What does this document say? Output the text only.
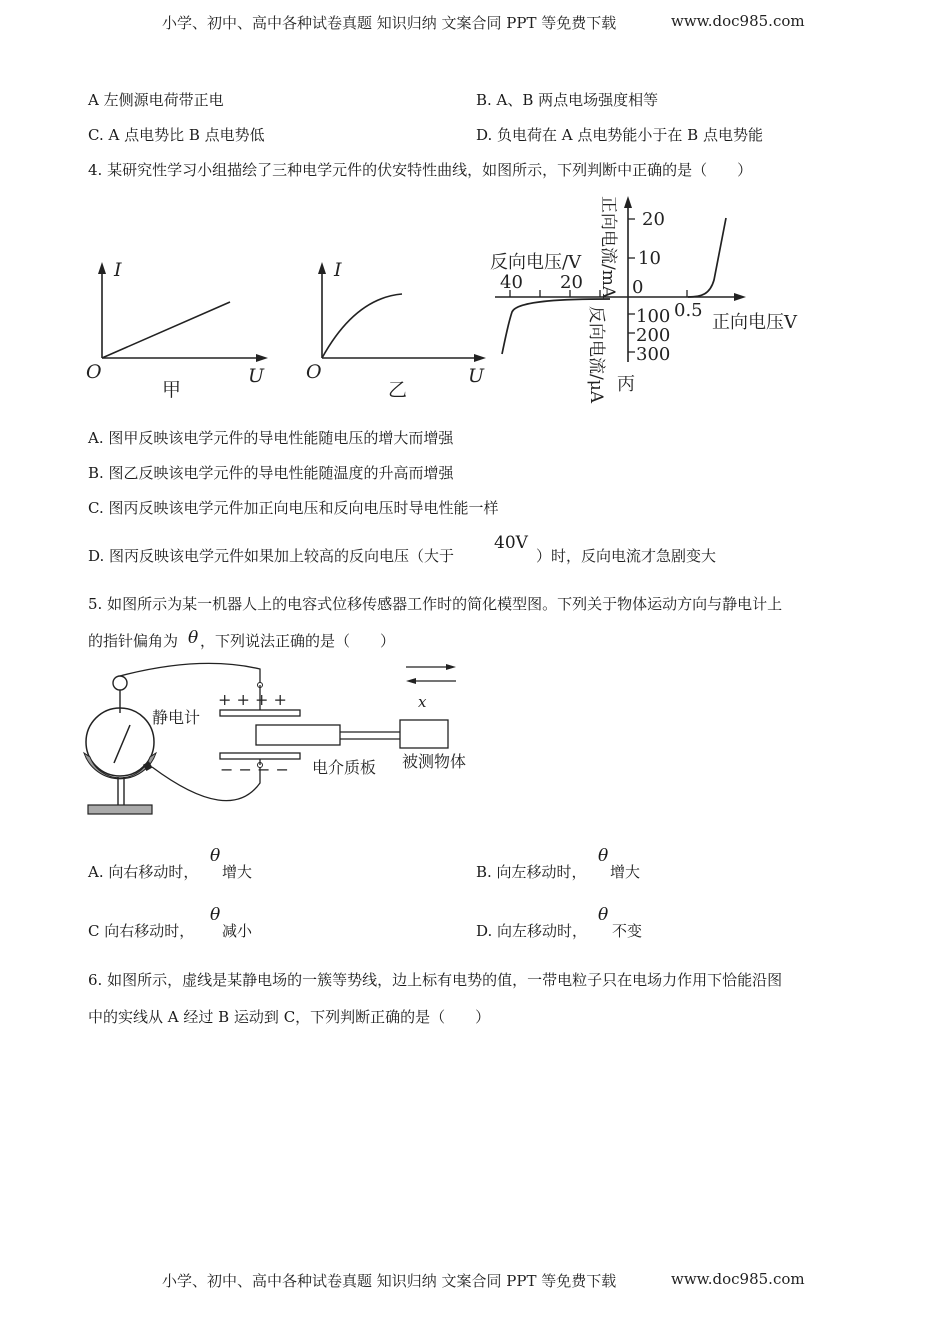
小学、初中、高中各种试卷真题 知识归纳 文案合同 PPT 等免费下载	www.doc985.com
A 左侧源电荷带正电	B. A、B 两点电场强度相等
C. A 点电势比 B 点电势低	D. 负电荷在 A 点电势能小于在 B 点电势能
4. 某研究性学习小组描绘了三种电学元件的伏安特性曲线，如图所示，下列判断中正确的是（　　）
I
O	U
甲
I
O	U
乙
20
10
0
100
200
300
40 20
0.5
反向电压/V
正向电压V
正向电流/mA
反向电流/μA 丙
A. 图甲反映该电学元件的导电性能随电压的增大而增强
B. 图乙反映该电学元件的导电性能随温度的升高而增强
C. 图丙反映该电学元件加正向电压和反向电压时导电性能一样
D. 图丙反映该电学元件如果加上较高的反向电压（大于
40V
）时，反向电流才急剧变大
5. 如图所示为某一机器人上的电容式位移传感器工作时的简化模型图。下列关于物体运动方向与静电计上
的指针偏角为 θ ，下列说法正确的是（　　）
+ + + +
− − − −
x
静电计
电介质板 被测物体
A. 向右移动时，
θ
增大	B. 向左移动时，
θ
增大
C 向右移动时，
θ
减小	D. 向左移动时，
θ
不变
6. 如图所示，虚线是某静电场的一簇等势线，边上标有电势的值，一带电粒子只在电场力作用下恰能沿图
中的实线从 A 经过 B 运动到 C，下列判断正确的是（　　）
小学、初中、高中各种试卷真题 知识归纳 文案合同 PPT 等免费下载	www.doc985.com
